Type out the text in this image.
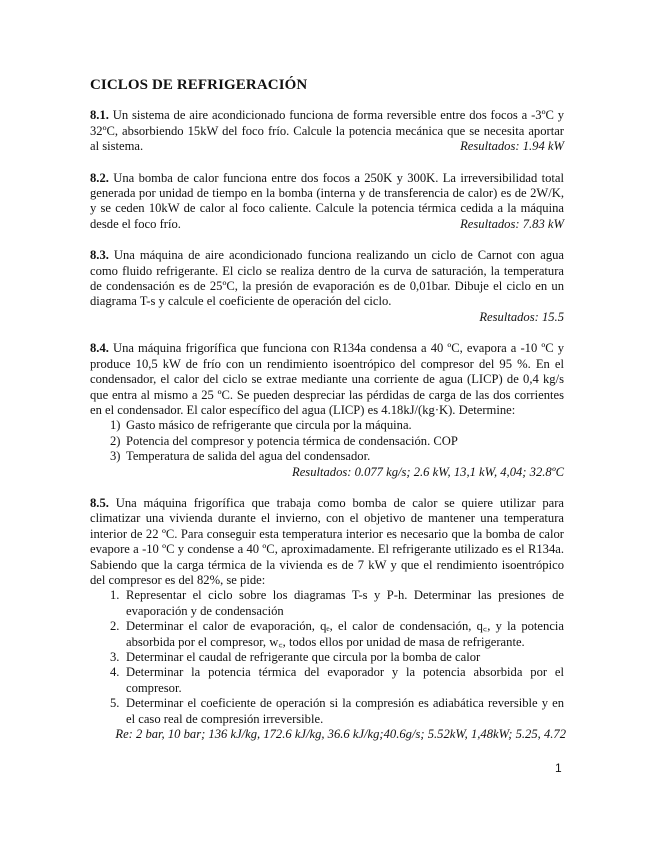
CICLOS DE REFRIGERACIÓN
8.1. Un sistema de aire acondicionado funciona de forma reversible entre dos focos a -3ºC y 32ºC, absorbiendo 15kW del foco frío. Calcule la potencia mecánica que se necesita aportar al sistema.	Resultados: 1.94 kW
8.2. Una bomba de calor funciona entre dos focos a 250K y 300K. La irreversibilidad total generada por unidad de tiempo en la bomba (interna y de transferencia de calor) es de 2W/K, y se ceden 10kW de calor al foco caliente. Calcule la potencia térmica cedida a la máquina desde el foco frío.	Resultados: 7.83 kW
8.3. Una máquina de aire acondicionado funciona realizando un ciclo de Carnot con agua como fluido refrigerante. El ciclo se realiza dentro de la curva de saturación, la temperatura de condensación es de 25ºC, la presión de evaporación es de 0,01bar. Dibuje el ciclo en un diagrama T-s y calcule el coeficiente de operación del ciclo.
Resultados: 15.5
8.4. Una máquina frigorífica que funciona con R134a condensa a 40 ºC, evapora a -10 ºC y produce 10,5 kW de frío con un rendimiento isoentrópico del compresor del 95 %. En el condensador, el calor del ciclo se extrae mediante una corriente de agua (LICP) de 0,4 kg/s que entra al mismo a 25 ºC. Se pueden despreciar las pérdidas de carga de las dos corrientes en el condensador. El calor específico del agua (LICP) es 4.18kJ/(kg·K). Determine:
1) Gasto másico de refrigerante que circula por la máquina.
2) Potencia del compresor y potencia térmica de condensación. COP
3) Temperatura de salida del agua del condensador.
Resultados: 0.077 kg/s; 2.6 kW, 13,1 kW, 4,04; 32.8ºC
8.5. Una máquina frigorífica que trabaja como bomba de calor se quiere utilizar para climatizar una vivienda durante el invierno, con el objetivo de mantener una temperatura interior de 22 ºC. Para conseguir esta temperatura interior es necesario que la bomba de calor evapore a -10 ºC y condense a 40 ºC, aproximadamente. El refrigerante utilizado es el R134a. Sabiendo que la carga térmica de la vivienda es de 7 kW y que el rendimiento isoentrópico del compresor es del 82%, se pide:
1. Representar el ciclo sobre los diagramas T-s y P-h. Determinar las presiones de evaporación y de condensación
2. Determinar el calor de evaporación, qₑ, el calor de condensación, q꜀, y la potencia absorbida por el compresor, w꜀, todos ellos por unidad de masa de refrigerante.
3. Determinar el caudal de refrigerante que circula por la bomba de calor
4. Determinar la potencia térmica del evaporador y la potencia absorbida por el compresor.
5. Determinar el coeficiente de operación si la compresión es adiabática reversible y en el caso real de compresión irreversible.
Re: 2 bar, 10 bar; 136 kJ/kg, 172.6 kJ/kg, 36.6 kJ/kg;40.6g/s; 5.52kW, 1,48kW; 5.25, 4.72
1
